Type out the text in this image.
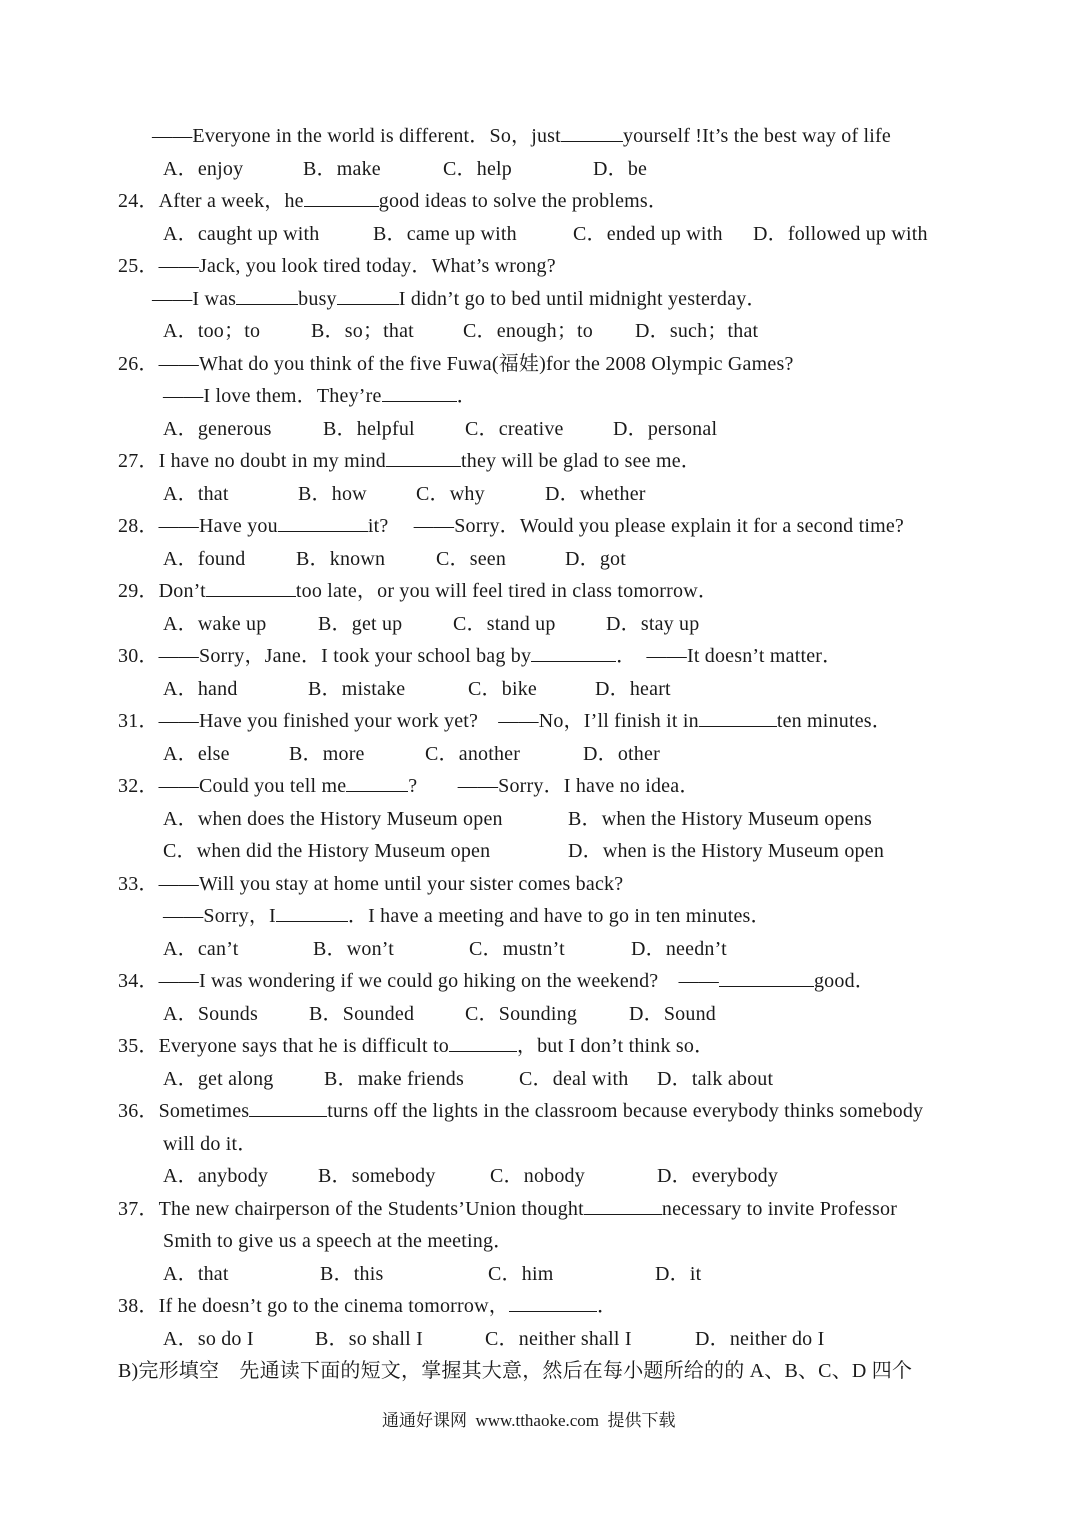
——Everyone in the world is different．So，just	yourself !It’s the best way of life
A．enjoy	B．make	C．help	D．be
24．After a week，he	good ideas to solve the problems．
A．caught up with	B．came up with	C．ended up with D．followed up with
25．——Jack, you look tired today．What’s wrong?
——I was	busy	I didn’t go to bed until midnight yesterday．
A．too；to	B．so；that C．enough；to D．such；that
26．——What do you think of the five Fuwa(福娃)for the 2008 Olympic Games?
——I love them．They’re	．
A．generous	B．helpful	C．creative D．personal
27．I have no doubt in my mind	they will be glad to see me．
A．that	B．how C．why	D．whether
28．——Have you	it?　 ——Sorry．Would you please explain it for a second time?
A．found	B．known	C．seen	D．got
29．Don’t	too late，or you will feel tired in class tomorrow．
A．wake up	B．get up	C．stand up	D．stay up
30．——Sorry，Jane．I took your school bag by	．　——It doesn’t matter．
A．hand	B．mistake	C．bike	D．heart
31．——Have you finished your work yet?　——No，I’ll finish it in	ten minutes．
A．else	B．more	C．another	D．other
32．——Could you tell me	?　　——Sorry．I have no idea．
A．when does the History Museum open	B．when the History Museum opens
C．when did the History Museum open	D．when is the History Museum open
33．——Will you stay at home until your sister comes back?
——Sorry，I	．I have a meeting and have to go in ten minutes．
A．can’t	B．won’t	C．mustn’t	D．needn’t
34．——I was wondering if we could go hiking on the weekend?　——	good．
A．Sounds	B．Sounded	C．Sounding	D．Sound
35．Everyone says that he is difficult to	，but I don’t think so．
A．get along	B．make friends	C．deal with D．talk about
36．Sometimes	turns off the lights in the classroom because everybody thinks somebody
will do it．
A．anybody B．somebody	C．nobody	D．everybody
37．The new chairperson of the Students’Union thought	necessary to invite Professor
Smith to give us a speech at the meeting．
A．that	B．this	C．him	D．it
38．If he doesn’t go to the cinema tomorrow，	．
A．so do I	B．so shall I	C．neither shall I	D．neither do I
B)完形填空　先通读下面的短文，掌握其大意，然后在每小题所给的的 A、B、C、D 四个
通通好课网  www.tthaoke.com  提供下载
